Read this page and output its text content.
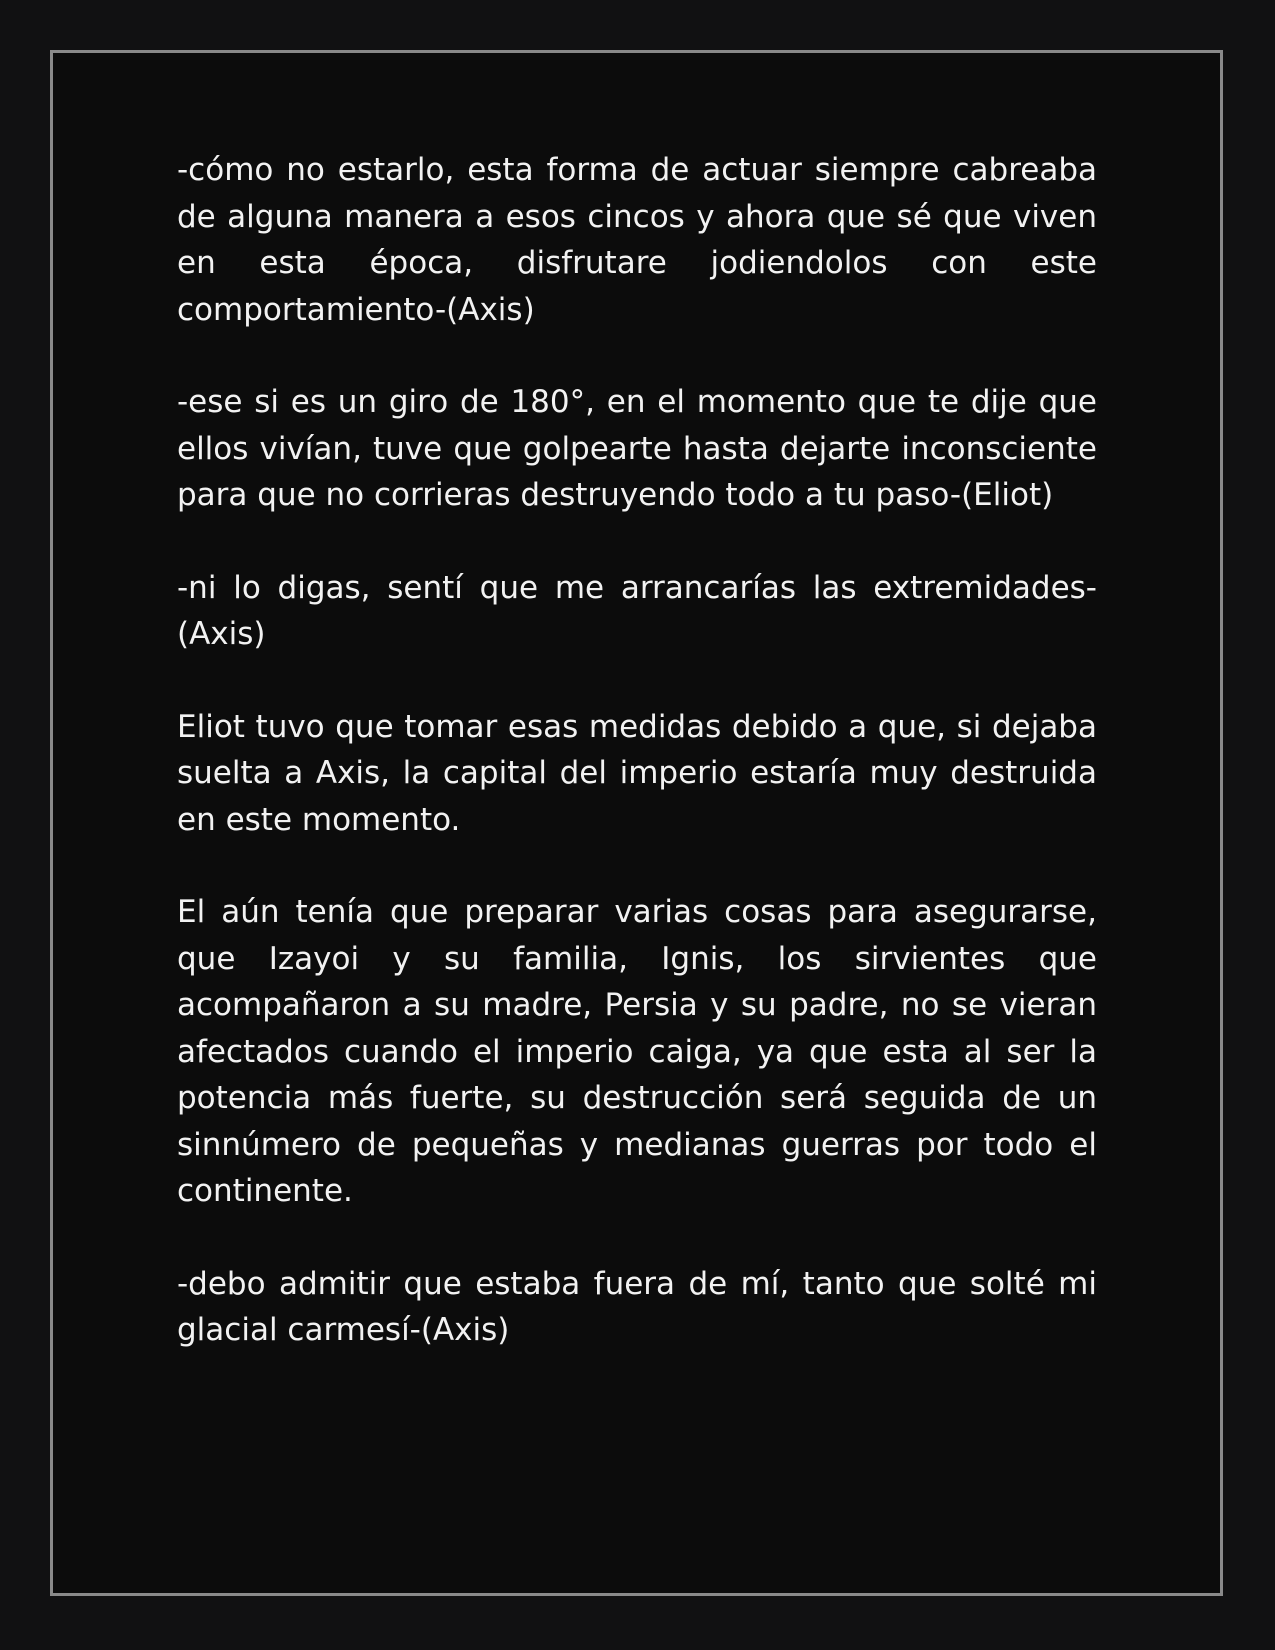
-cómo no estarlo, esta forma de actuar siempre cabreaba de alguna manera a esos cincos y ahora que sé que viven en esta época, disfrutare jodiendolos con este comportamiento-(Axis)

-ese si es un giro de 180°, en el momento que te dije que ellos vivían, tuve que golpearte hasta dejarte inconsciente para que no corrieras destruyendo todo a tu paso-(Eliot)

-ni lo digas, sentí que me arrancarías las extremidades-(Axis)

Eliot tuvo que tomar esas medidas debido a que, si dejaba suelta a Axis, la capital del imperio estaría muy destruida en este momento.

El aún tenía que preparar varias cosas para asegurarse, que Izayoi y su familia, Ignis, los sirvientes que acompañaron a su madre, Persia y su padre, no se vieran afectados cuando el imperio caiga, ya que esta al ser la potencia más fuerte, su destrucción será seguida de un sinnúmero de pequeñas y medianas guerras por todo el continente.

-debo admitir que estaba fuera de mí, tanto que solté mi glacial carmesí-(Axis)
